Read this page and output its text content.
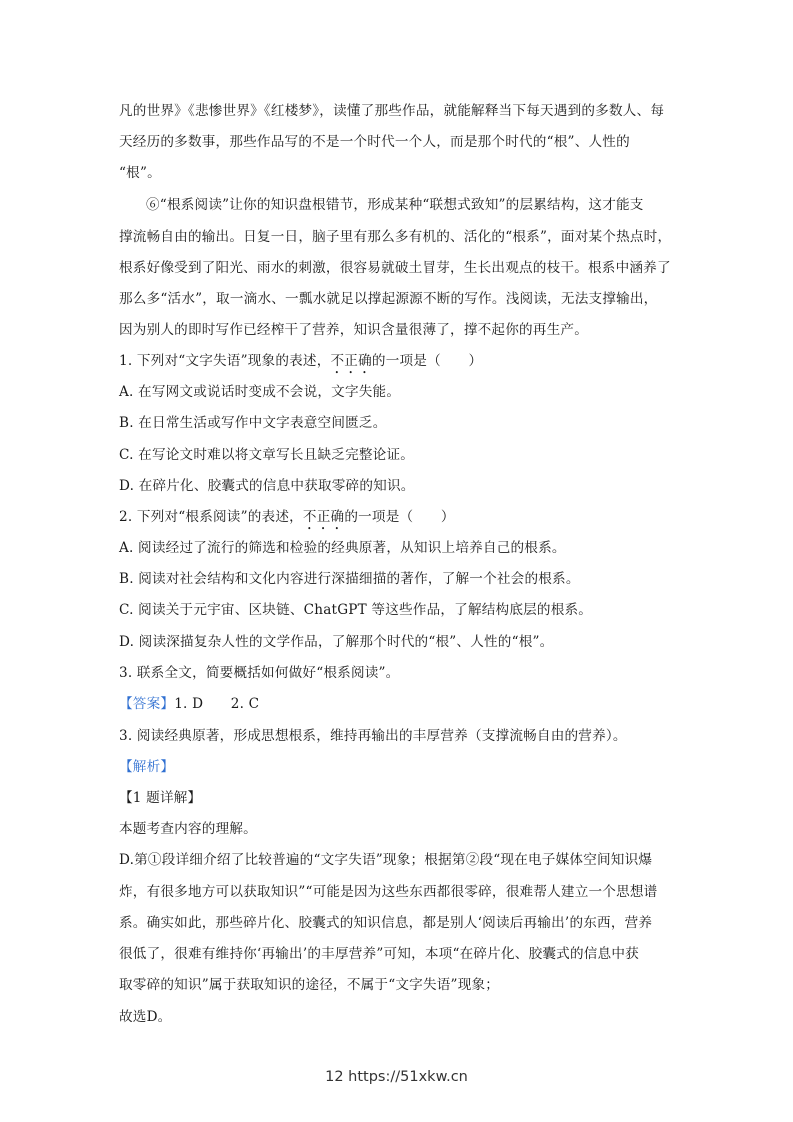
凡的世界》《悲惨世界》《红楼梦》，读懂了那些作品，就能解释当下每天遇到的多数人、每
天经历的多数事，那些作品写的不是一个时代一个人，而是那个时代的“根”、人性的
“根”。
⑥“根系阅读”让你的知识盘根错节，形成某种“联想式致知”的层累结构，这才能支
撑流畅自由的输出。日复一日，脑子里有那么多有机的、活化的“根系”，面对某个热点时，
根系好像受到了阳光、雨水的刺激，很容易就破土冒芽，生长出观点的枝干。根系中涵养了
那么多“活水”，取一滴水、一瓢水就足以撑起源源不断的写作。浅阅读，无法支撑输出，
因为别人的即时写作已经榨干了营养，知识含量很薄了，撑不起你的再生产。
1. 下列对“文字失语”现象的表述，不正确的一项是（　　）
A. 在写网文或说话时变成不会说，文字失能。
B. 在日常生活或写作中文字表意空间匮乏。
C. 在写论文时难以将文章写长且缺乏完整论证。
D. 在碎片化、胶囊式的信息中获取零碎的知识。
2. 下列对“根系阅读”的表述，不正确的一项是（　　）
A. 阅读经过了流行的筛选和检验的经典原著，从知识上培养自己的根系。
B. 阅读对社会结构和文化内容进行深描细描的著作，了解一个社会的根系。
C. 阅读关于元宇宙、区块链、ChatGPT 等这些作品，了解结构底层的根系。
D. 阅读深描复杂人性的文学作品，了解那个时代的“根”、人性的“根”。
3. 联系全文，简要概括如何做好“根系阅读”。
【答案】1. D　　2. C
3. 阅读经典原著，形成思想根系，维持再输出的丰厚营养（支撑流畅自由的营养）。
【解析】
【1 题详解】
本题考查内容的理解。
D.第①段详细介绍了比较普遍的“文字失语”现象；根据第②段“现在电子媒体空间知识爆
炸，有很多地方可以获取知识”“可能是因为这些东西都很零碎，很难帮人建立一个思想谱
系。确实如此，那些碎片化、胶囊式的知识信息，都是别人‘阅读后再输出’的东西，营养
很低了，很难有维持你‘再输出’的丰厚营养”可知，本项“在碎片化、胶囊式的信息中获
取零碎的知识”属于获取知识的途径，不属于“文字失语”现象；
故选D。
12 https://51xkw.cn
